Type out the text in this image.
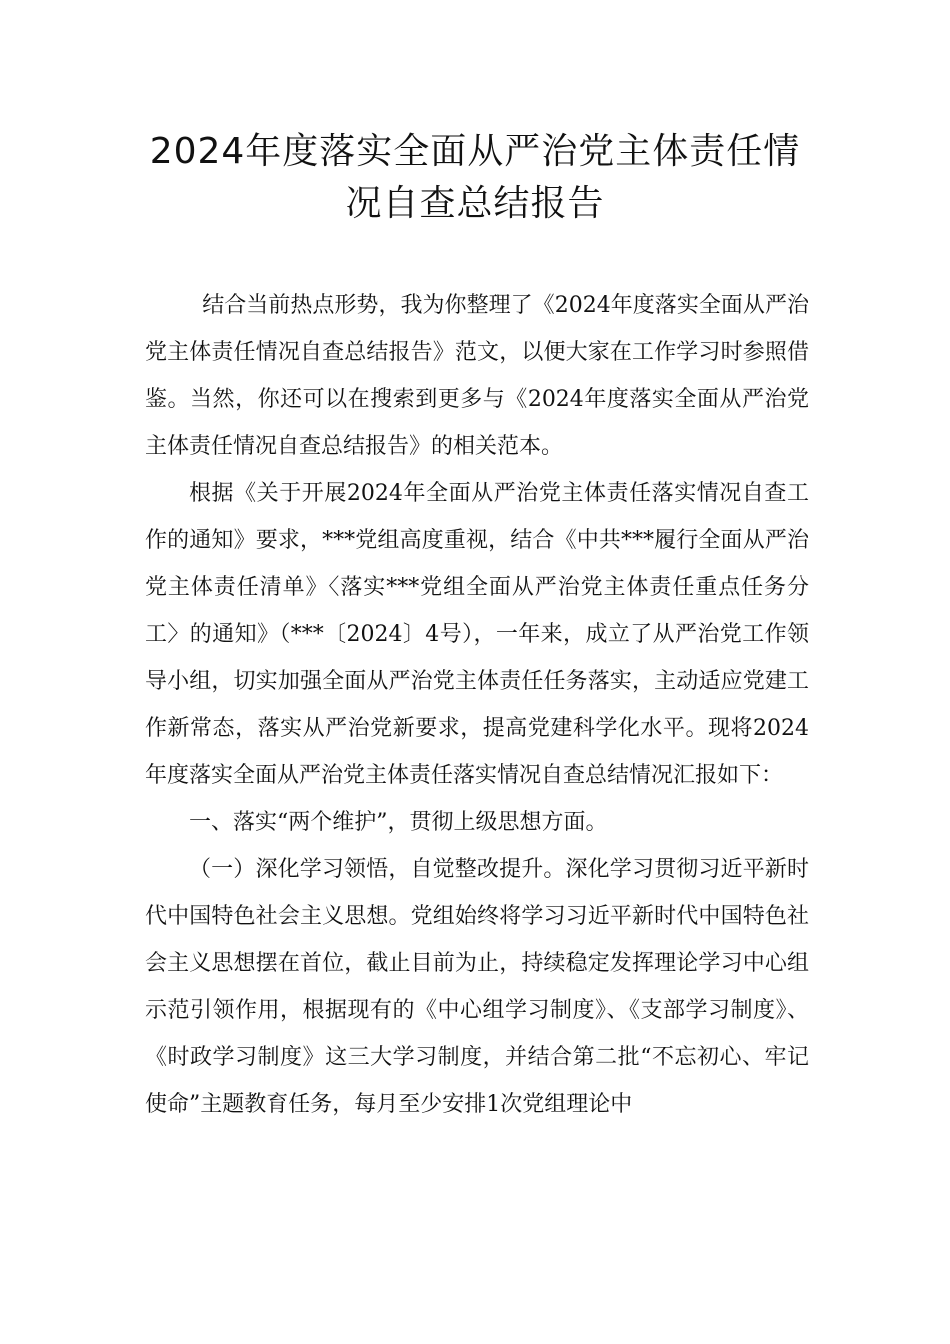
2024年度落实全面从严治党主体责任情
况自查总结报告

结合当前热点形势，我为你整理了《2024年度落实全面从严治党主体责任情况自查总结报告》范文，以便大家在工作学习时参照借鉴。当然，你还可以在搜索到更多与《2024年度落实全面从严治党主体责任情况自查总结报告》的相关范本。

根据《关于开展2024年全面从严治党主体责任落实情况自查工作的通知》要求，***党组高度重视，结合《中共***履行全面从严治党主体责任清单》〈落实***党组全面从严治党主体责任重点任务分工〉的通知》（***〔2024〕4号），一年来，成立了从严治党工作领导小组，切实加强全面从严治党主体责任任务落实，主动适应党建工作新常态，落实从严治党新要求，提高党建科学化水平。现将2024年度落实全面从严治党主体责任落实情况自查总结情况汇报如下：

一、落实“两个维护”，贯彻上级思想方面。

（一）深化学习领悟，自觉整改提升。深化学习贯彻习近平新时代中国特色社会主义思想。党组始终将学习习近平新时代中国特色社会主义思想摆在首位，截止目前为止，持续稳定发挥理论学习中心组示范引领作用，根据现有的《中心组学习制度》、《支部学习制度》、《时政学习制度》这三大学习制度，并结合第二批“不忘初心、牢记使命”主题教育任务，每月至少安排1次党组理论中
